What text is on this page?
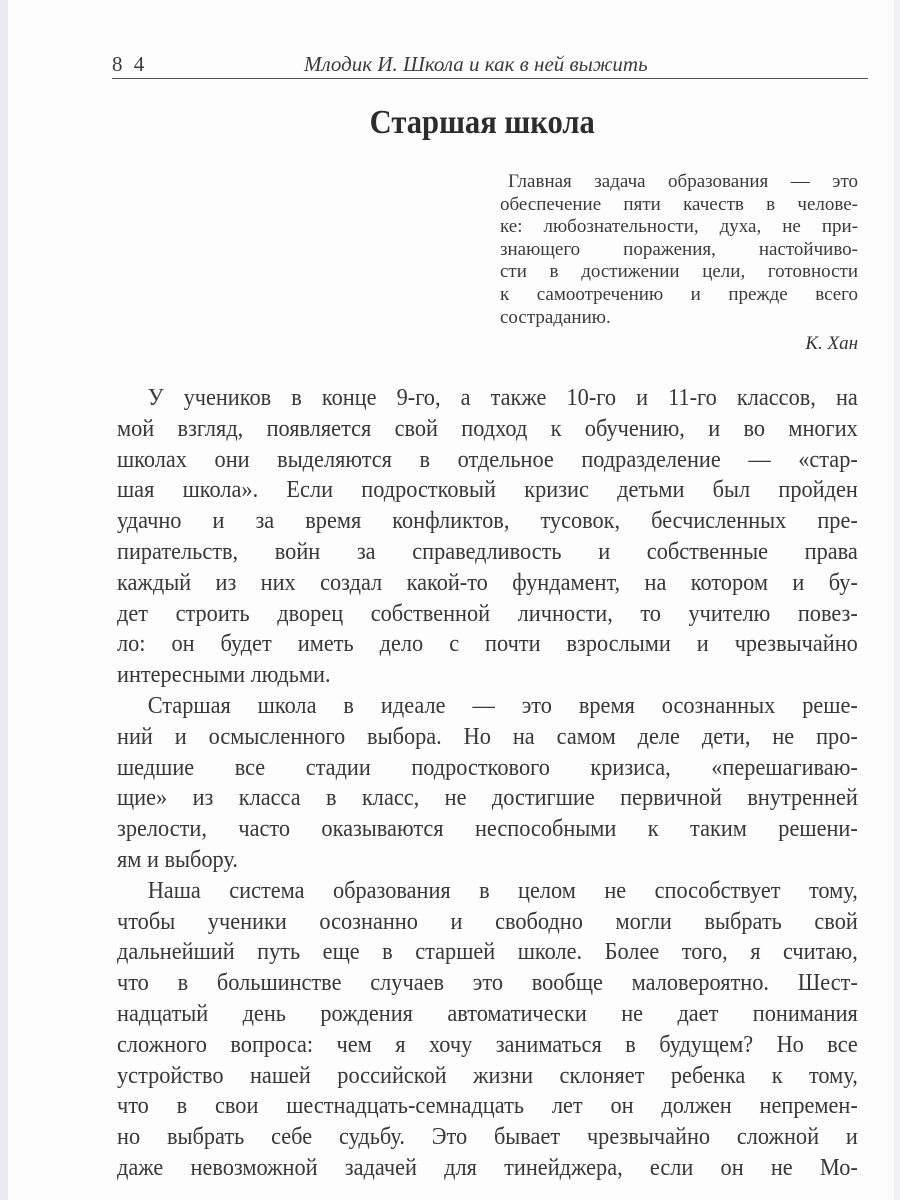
8 4	Млодик И. Школа и как в ней выжить
Старшая школа
Главная задача образования — это
обеспечение пяти качеств в челове-
ке: любознательности, духа, не при-
знающего поражения, настойчиво-
сти в достижении цели, готовности
к самоотречению и прежде всего
состраданию.
К. Хан
У учеников в конце 9-го, а также 10-го и 11-го классов, на
мой взгляд, появляется свой подход к обучению, и во многих
школах они выделяются в отдельное подразделение — «стар-
шая школа». Если подростковый кризис детьми был пройден
удачно и за время конфликтов, тусовок, бесчисленных пре-
пирательств, войн за справедливость и собственные права
каждый из них создал какой-то фундамент, на котором и бу-
дет строить дворец собственной личности, то учителю повез-
ло: он будет иметь дело с почти взрослыми и чрезвычайно
интересными людьми.
Старшая школа в идеале — это время осознанных реше-
ний и осмысленного выбора. Но на самом деле дети, не про-
шедшие все стадии подросткового кризиса, «перешагиваю-
щие» из класса в класс, не достигшие первичной внутренней
зрелости, часто оказываются неспособными к таким решени-
ям и выбору.
Наша система образования в целом не способствует тому,
чтобы ученики осознанно и свободно могли выбрать свой
дальнейший путь еще в старшей школе. Более того, я считаю,
что в большинстве случаев это вообще маловероятно. Шест-
надцатый день рождения автоматически не дает понимания
сложного вопроса: чем я хочу заниматься в будущем? Но все
устройство нашей российской жизни склоняет ребенка к тому,
что в свои шестнадцать-семнадцать лет он должен непремен-
но выбрать себе судьбу. Это бывает чрезвычайно сложной и
даже невозможной задачей для тинейджера, если он не Мо-
